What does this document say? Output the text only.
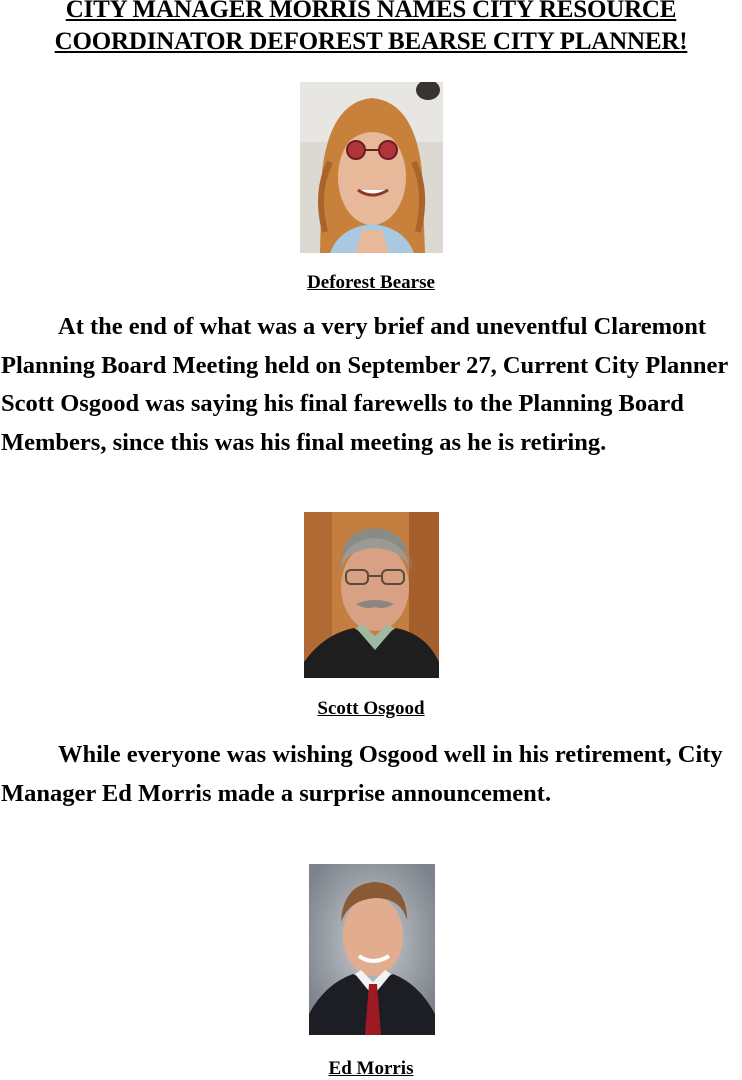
CITY MANAGER MORRIS NAMES CITY RESOURCE
COORDINATOR DEFOREST BEARSE CITY PLANNER!
Deforest Bearse

At the end of what was a very brief and uneventful Claremont Planning Board Meeting held on September 27, Current City Planner Scott Osgood was saying his final farewells to the Planning Board Members, since this was his final meeting as he is retiring.

Scott Osgood

While everyone was wishing Osgood well in his retirement, City Manager Ed Morris made a surprise announcement.

Ed Morris
